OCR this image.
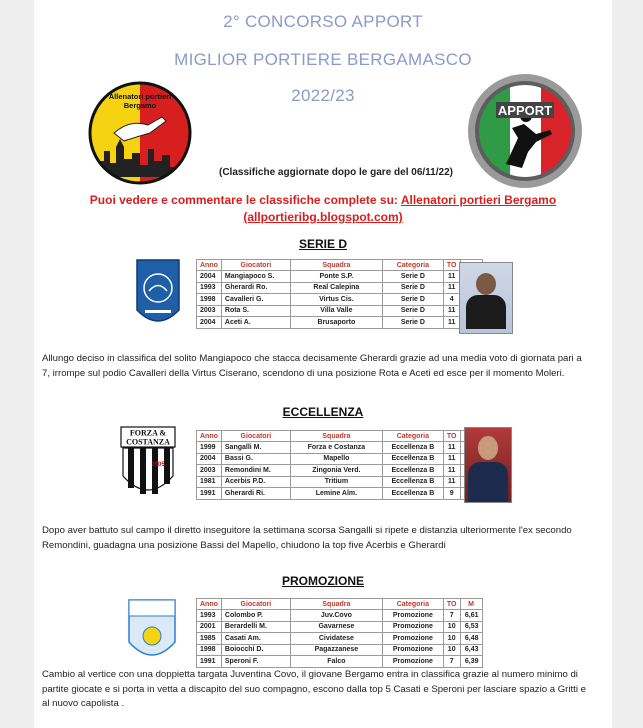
2° CONCORSO APPORT
MIGLIOR PORTIERE BERGAMASCO
2022/23
Allenatori portieri
Bergamo	APPORT
(Classifiche aggiornate dopo le gare del 06/11/22)
Puoi vedere e commentare le classifiche complete su: Allenatori portieri Bergamo
(allportieribg.blogspot.com)
SERIE D
Anno	Giocatori	Squadra	Categoria	TO	
2004	Mangiapoco S.	Ponte S.P.	Serie D	11	
1993	Gherardi Ro.	Real Calepina	Serie D	11	
1998	Cavalleri G.	Virtus Cis.	Serie D	4	
2003	Rota S.	Villa Valle	Serie D	11	
2004	Aceti A.	Brusaporto	Serie D	11	
Allungo deciso in classifica del solito Mangiapoco che stacca decisamente Gherardi grazie ad una media voto di giornata pari a 7, irrompe sul podio Cavalleri della Virtus Ciserano, scendono di una posizione Rota e Aceti ed esce per il momento Moleri.
ECCELLENZA
FORZA &
COSTANZA
1905
Anno	Giocatori	Squadra	Categoria	TO	
1999	Sangalli M.	Forza e Costanza	Eccellenza B	11	
2004	Bassi G.	Mapello	Eccellenza B	11	
2003	Remondini M.	Zingonia Verd.	Eccellenza B	11	
1981	Acerbis P.D.	Tritium	Eccellenza B	11	
1991	Gherardi Ri.	Lemine Alm.	Eccellenza B	9	
Dopo aver battuto sul campo il diretto inseguitore la settimana scorsa Sangalli si ripete e distanzia ulteriormente l'ex secondo Remondini, guadagna una posizione Bassi del Mapello, chiudono la top five Acerbis e Gherardi
PROMOZIONE
Anno	Giocatori	Squadra	Categoria	TO	M
1993	Colombo P.	Juv.Covo	Promozione	7	6,61
2001	Berardelli M.	Gavarnese	Promozione	10	6,53
1985	Casati Am.	Cividatese	Promozione	10	6,48
1998	Boiocchi D.	Pagazzanese	Promozione	10	6,43
1991	Speroni F.	Falco	Promozione	7	6,39
Cambio al vertice con una doppietta targata Juventina Covo, il giovane Bergamo entra in classifica grazie al numero minimo di partite giocate e si porta in vetta a discapito del suo compagno, escono dalla top 5 Casati e Speroni per lasciare spazio a Gritti e al nuovo capolista .
